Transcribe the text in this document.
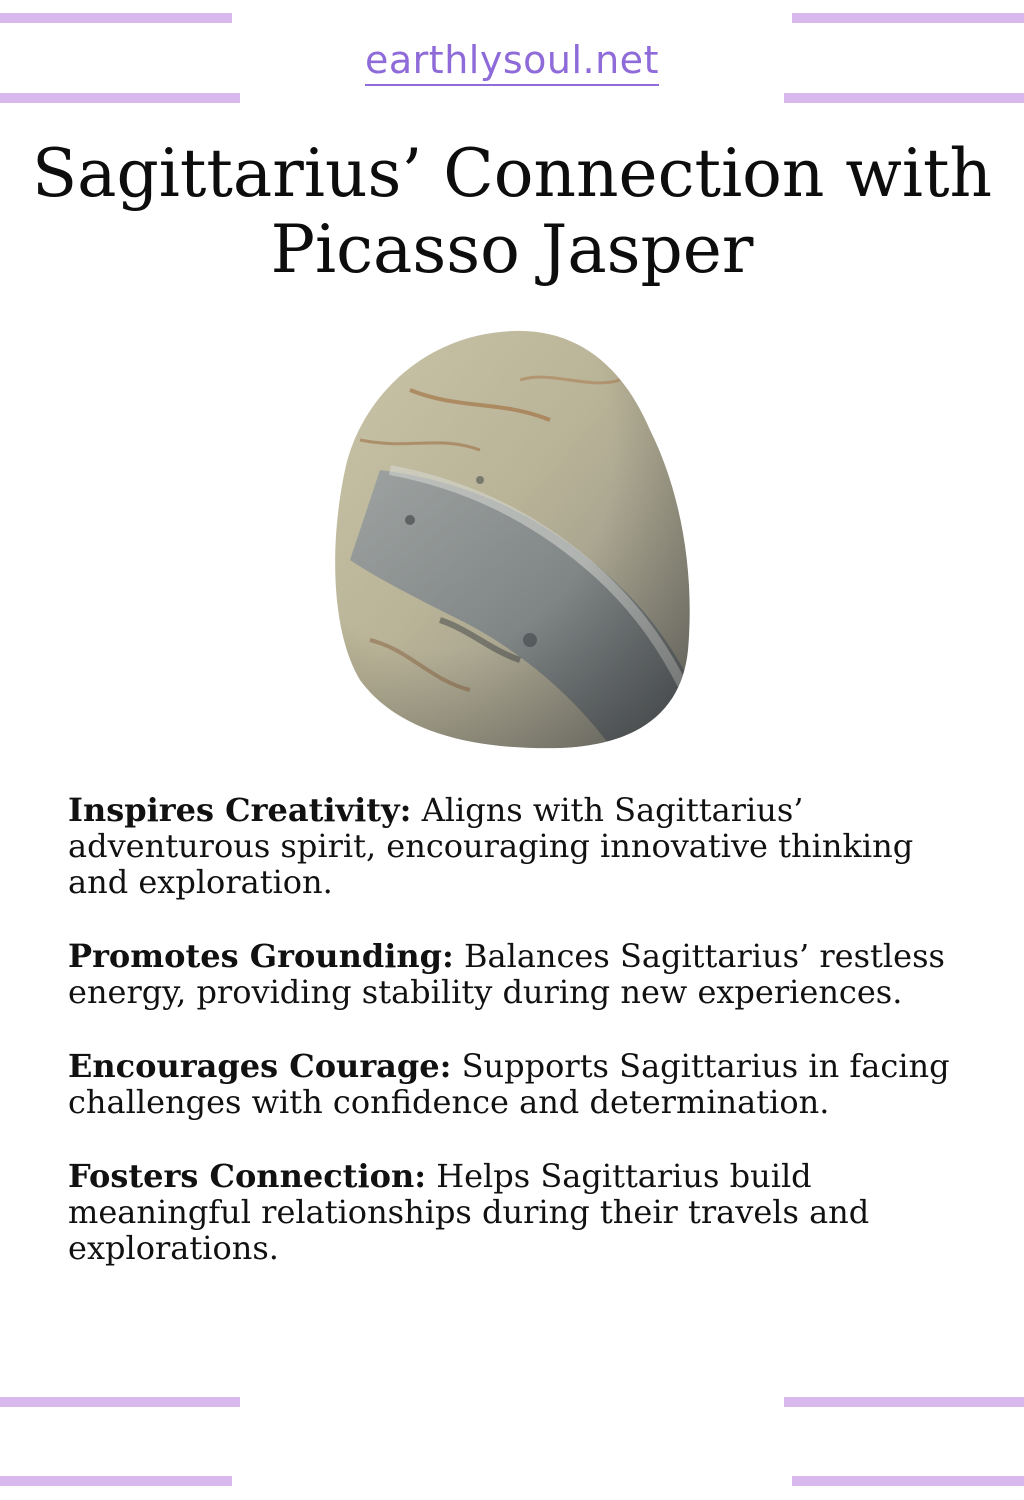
earthlysoul.net
Sagittarius’ Connection with
Picasso Jasper

Inspires Creativity: Aligns with Sagittarius’ adventurous spirit, encouraging innovative thinking and exploration.

Promotes Grounding: Balances Sagittarius’ restless energy, providing stability during new experiences.

Encourages Courage: Supports Sagittarius in facing challenges with confidence and determination.

Fosters Connection: Helps Sagittarius build meaningful relationships during their travels and explorations.
